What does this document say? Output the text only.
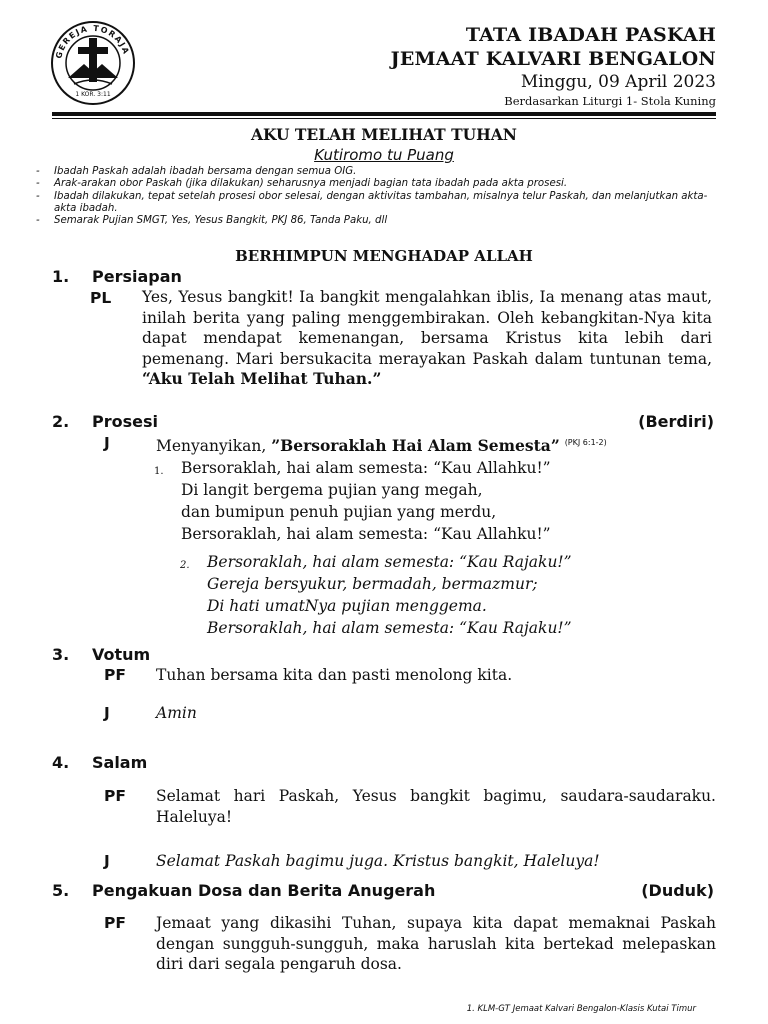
GEREJA TORAJA
1 KOR. 3:11
TATA IBADAH PASKAH
JEMAAT KALVARI BENGALON
Minggu, 09 April 2023
Berdasarkan Liturgi 1- Stola Kuning
AKU TELAH MELIHAT TUHAN
Kutiromo tu Puang
-	Ibadah Paskah adalah ibadah bersama dengan semua OIG.
-	Arak-arakan obor Paskah (jika dilakukan) seharusnya menjadi bagian tata ibadah pada akta prosesi.
-	Ibadah dilakukan, tepat setelah prosesi obor selesai, dengan aktivitas tambahan, misalnya telur Paskah, dan melanjutkan akta-akta ibadah.
-	Semarak Pujian SMGT, Yes, Yesus Bangkit, PKJ 86, Tanda Paku, dll
BERHIMPUN MENGHADAP ALLAH
1. Persiapan
PL Yes, Yesus bangkit! Ia bangkit mengalahkan iblis, Ia menang atas maut, inilah berita yang paling menggembirakan. Oleh kebangkitan-Nya kita dapat mendapat kemenangan, bersama Kristus kita lebih dari pemenang. Mari bersukacita merayakan Paskah dalam tuntunan tema, “Aku Telah Melihat Tuhan.”
2. Prosesi	(Berdiri)
J	Menyanyikan, ”Bersoraklah Hai Alam Semesta” $^{(PKJ 6:1-2)}$
1. Bersoraklah, hai alam semesta: “Kau Allahku!”
Di langit bergema pujian yang megah,
dan bumipun penuh pujian yang merdu,
Bersoraklah, hai alam semesta: “Kau Allahku!”
2. Bersoraklah, hai alam semesta: “Kau Rajaku!”
Gereja bersyukur, bermadah, bermazmur;
Di hati umatNya pujian menggema.
Bersoraklah, hai alam semesta: “Kau Rajaku!”
3. Votum
PF Tuhan bersama kita dan pasti menolong kita.
J	Amin
4. Salam
PF Selamat hari Paskah, Yesus bangkit bagimu, saudara-saudaraku. Haleluya!
J	Selamat Paskah bagimu juga. Kristus bangkit, Haleluya!
5. Pengakuan Dosa dan Berita Anugerah	(Duduk)
PF Jemaat yang dikasihi Tuhan, supaya kita dapat memaknai Paskah dengan sungguh-sungguh, maka haruslah kita bertekad melepaskan diri dari segala pengaruh dosa.
1. KLM-GT Jemaat Kalvari Bengalon-Klasis Kutai Timur
